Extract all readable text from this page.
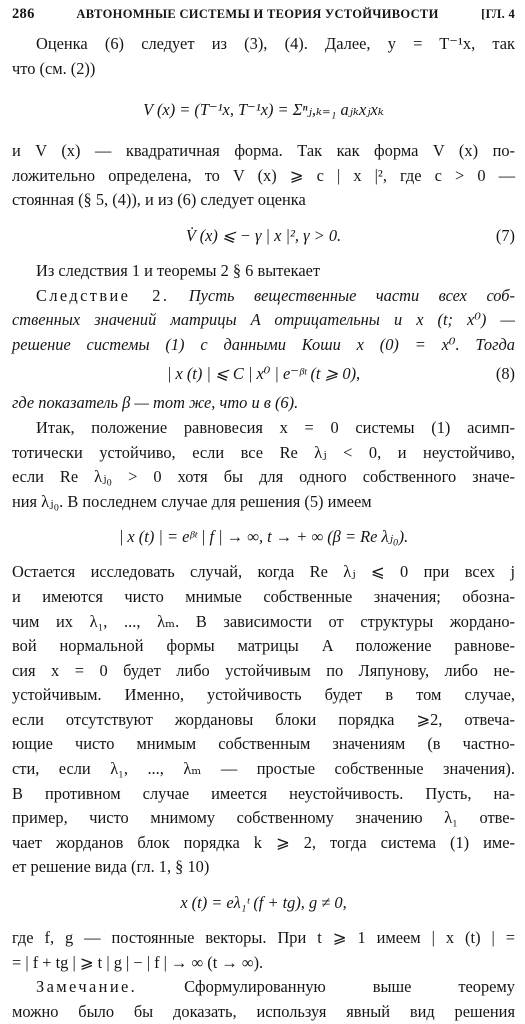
286	АВТОНОМНЫЕ СИСТЕМЫ И ТЕОРИЯ УСТОЙЧИВОСТИ	[ГЛ. 4
Оценка (6) следует из (3), (4). Далее, y = T⁻¹x, так
что (см. (2))
V (x) = (T⁻¹x, T⁻¹x) = Σⁿⱼ,ₖ₌₁ aⱼₖxⱼxₖ
и V (x) — квадратичная форма. Так как форма V (x) по-
ложительно определена, то V (x) ⩾ c | x |², где c > 0 —
стоянная (§ 5, (4)), и из (6) следует оценка
V̇ (x) ⩽ − γ | x |², γ > 0.	(7)
Из следствия 1 и теоремы 2 § 6 вытекает
Следствие 2. Пусть вещественные части всех соб-
ственных значений матрицы A отрицательны и x (t; x⁰) —
решение системы (1) с данными Коши x (0) = x⁰. Тогда
| x (t) | ⩽ C | x⁰ | e⁻ᵝᵗ (t ⩾ 0),	(8)
где показатель β — тот же, что и в (6).
Итак, положение равновесия x = 0 системы (1) асимп-
тотически устойчиво, если все Re λⱼ < 0, и неустойчиво,
если Re λⱼ₀ > 0 хотя бы для одного собственного значе-
ния λⱼ₀. В последнем случае для решения (5) имеем
| x (t) | = eᵝᵗ | f | → ∞, t → + ∞ (β = Re λⱼ₀).
Остается исследовать случай, когда Re λⱼ ⩽ 0 при всех j
и имеются чисто мнимые собственные значения; обозна-
чим их λ₁, ..., λₘ. В зависимости от структуры жордано-
вой нормальной формы матрицы A положение равнове-
сия x = 0 будет либо устойчивым по Ляпунову, либо не-
устойчивым. Именно, устойчивость будет в том случае,
если отсутствуют жордановы блоки порядка ⩾2, отвеча-
ющие чисто мнимым собственным значениям (в частно-
сти, если λ₁, ..., λₘ — простые собственные значения).
В противном случае имеется неустойчивость. Пусть, на-
пример, чисто мнимому собственному значению λ₁ отве-
чает жорданов блок порядка k ⩾ 2, тогда система (1) име-
ет решение вида (гл. 1, § 10)
x (t) = eλ₁ᵗ (f + tg), g ≠ 0,
где f, g — постоянные векторы. При t ⩾ 1 имеем | x (t) | =
= | f + tg | ⩾ t | g | − | f | → ∞ (t → ∞).
Замечание.	Сформулированную выше теорему
можно было бы доказать, используя явный вид решения
